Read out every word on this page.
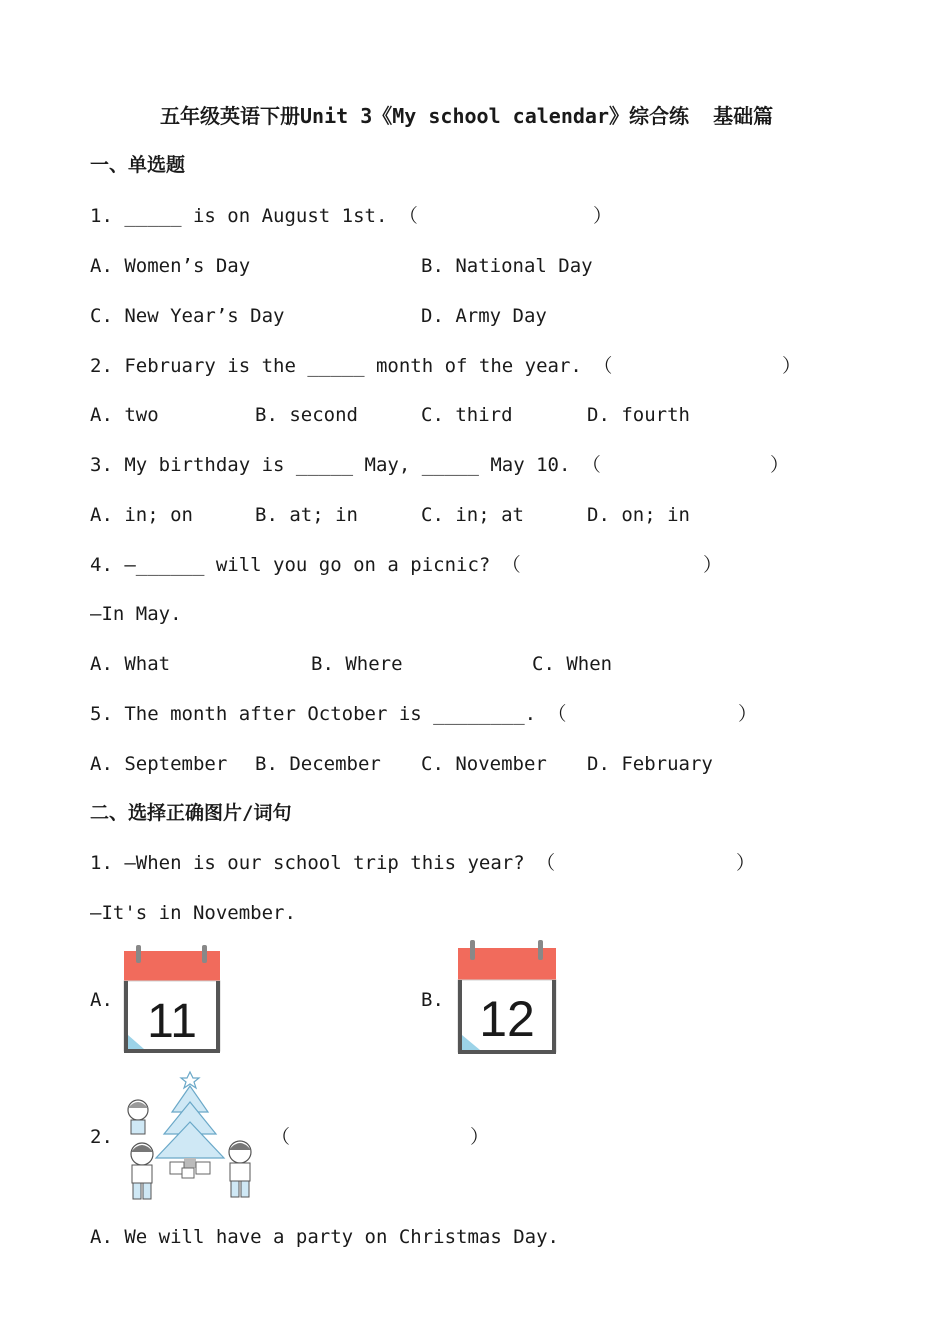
五年级英语下册Unit 3《My school calendar》综合练  基础篇
一、单选题
1. _____ is on August 1st. （	）
A. Women’s Day	B. National Day
C. New Year’s Day	D. Army Day
2. February is the _____ month of the year. （	）
A. two	B. second	C. third	D. fourth
3. My birthday is _____ May, _____ May 10. （	）
A. in; on	B. at; in	C. in; at	D. on; in
4. —______ will you go on a picnic? （	）
—In May.
A. What	B. Where	C. When
5. The month after October is ________. （	）
A. September B. December C. November D. February
二、选择正确图片/词句
1. —When is our school trip this year? （	）
—It's in November.
A. 11	B. 12
2.	（	）
A. We will have a party on Christmas Day.
